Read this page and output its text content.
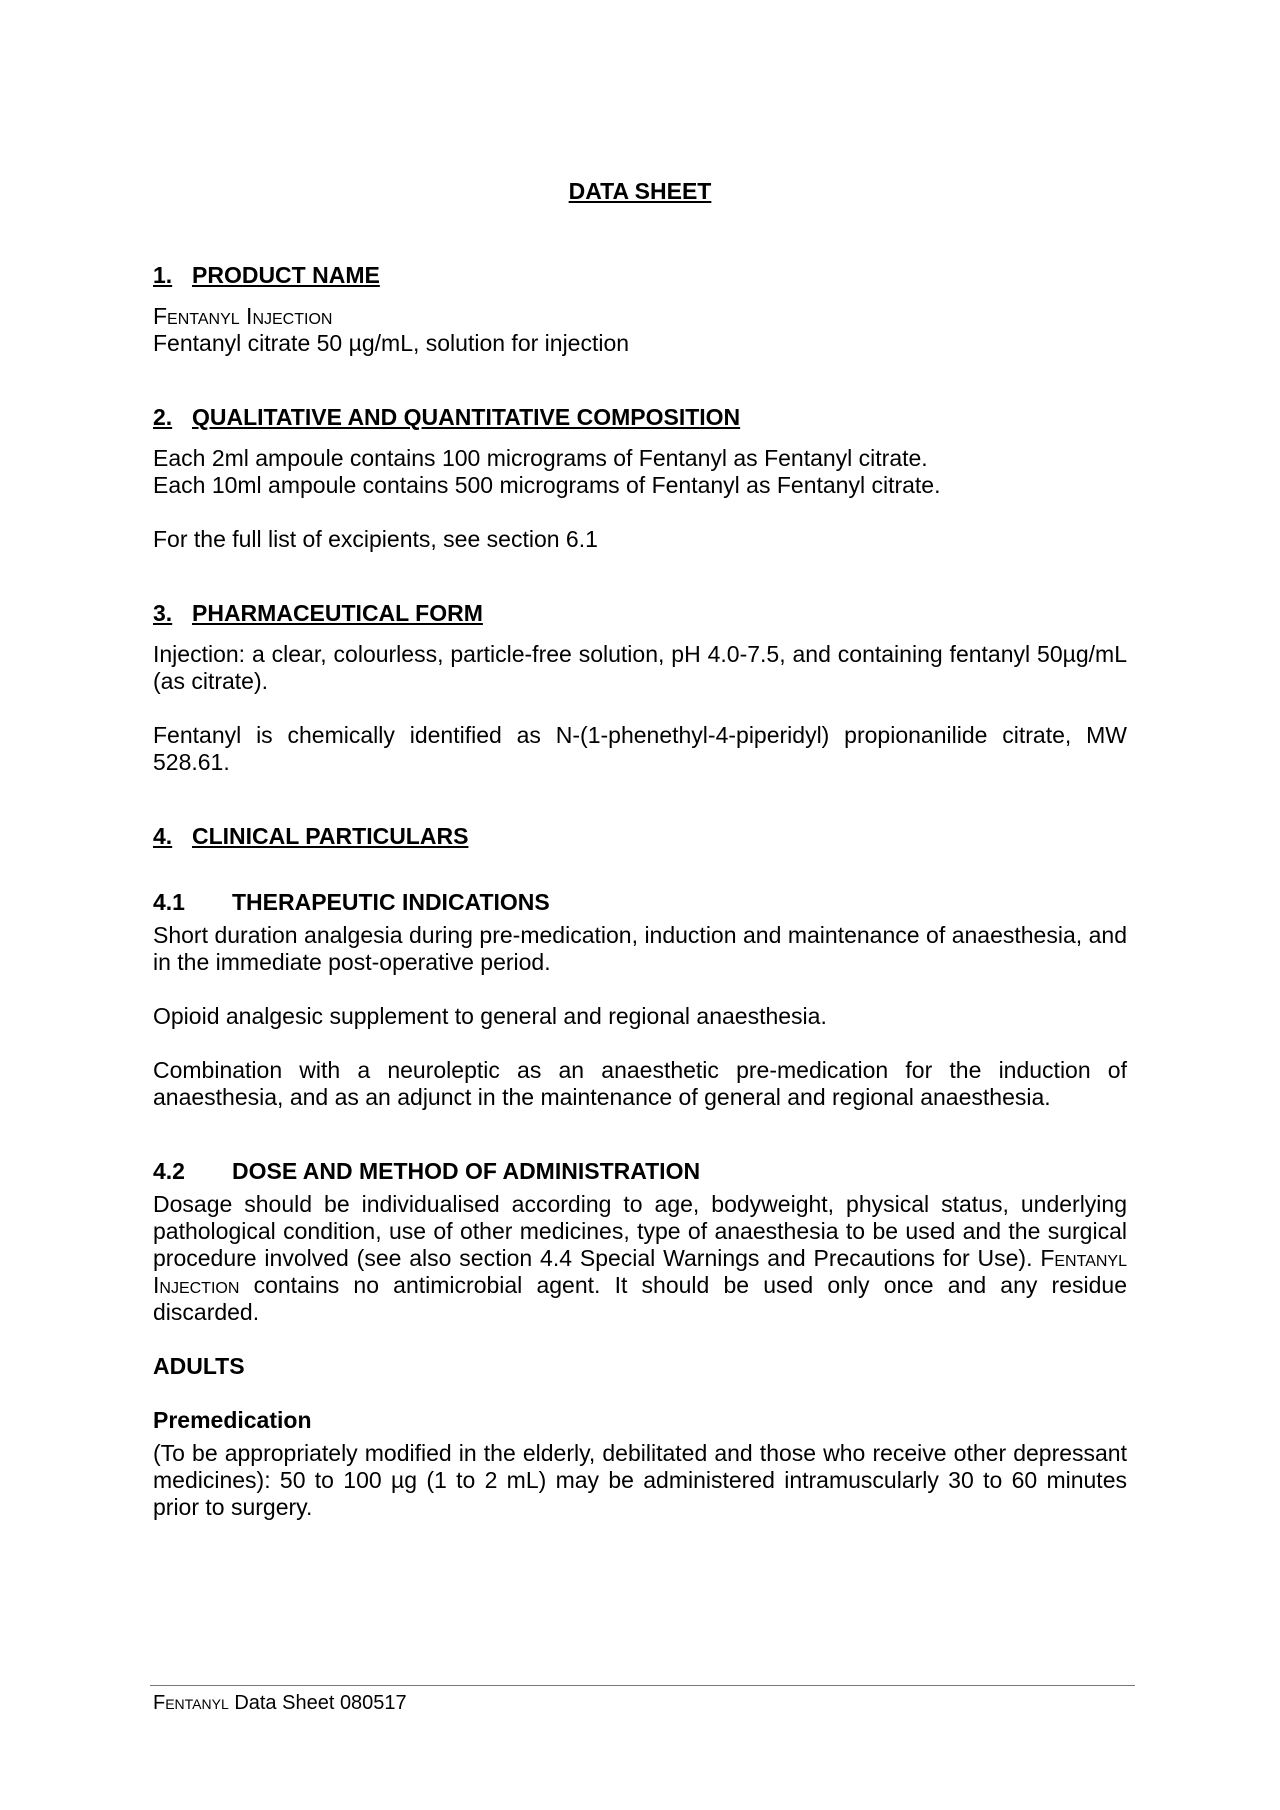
DATA SHEET
1. PRODUCT NAME

Fentanyl Injection

Fentanyl citrate 50 µg/mL, solution for injection

2. QUALITATIVE AND QUANTITATIVE COMPOSITION

Each 2ml ampoule contains 100 micrograms of Fentanyl as Fentanyl citrate.

Each 10ml ampoule contains 500 micrograms of Fentanyl as Fentanyl citrate.

For the full list of excipients, see section 6.1

3. PHARMACEUTICAL FORM

Injection: a clear, colourless, particle-free solution, pH 4.0-7.5, and containing fentanyl 50µg/mL (as citrate).

Fentanyl is chemically identified as N-(1-phenethyl-4-piperidyl) propionanilide citrate, MW 528.61.

4. CLINICAL PARTICULARS
4.1	THERAPEUTIC INDICATIONS

Short duration analgesia during pre-medication, induction and maintenance of anaesthesia, and in the immediate post-operative period.

Opioid analgesic supplement to general and regional anaesthesia.

Combination with a neuroleptic as an anaesthetic pre-medication for the induction of anaesthesia, and as an adjunct in the maintenance of general and regional anaesthesia.

4.2	DOSE AND METHOD OF ADMINISTRATION

Dosage should be individualised according to age, bodyweight, physical status, underlying pathological condition, use of other medicines, type of anaesthesia to be used and the surgical procedure involved (see also section 4.4 Special Warnings and Precautions for Use). Fentanyl Injection contains no antimicrobial agent. It should be used only once and any residue discarded.

ADULTS
Premedication

(To be appropriately modified in the elderly, debilitated and those who receive other depressant medicines): 50 to 100 µg (1 to 2 mL) may be administered intramuscularly 30 to 60 minutes prior to surgery.

Fentanyl Data Sheet 080517
